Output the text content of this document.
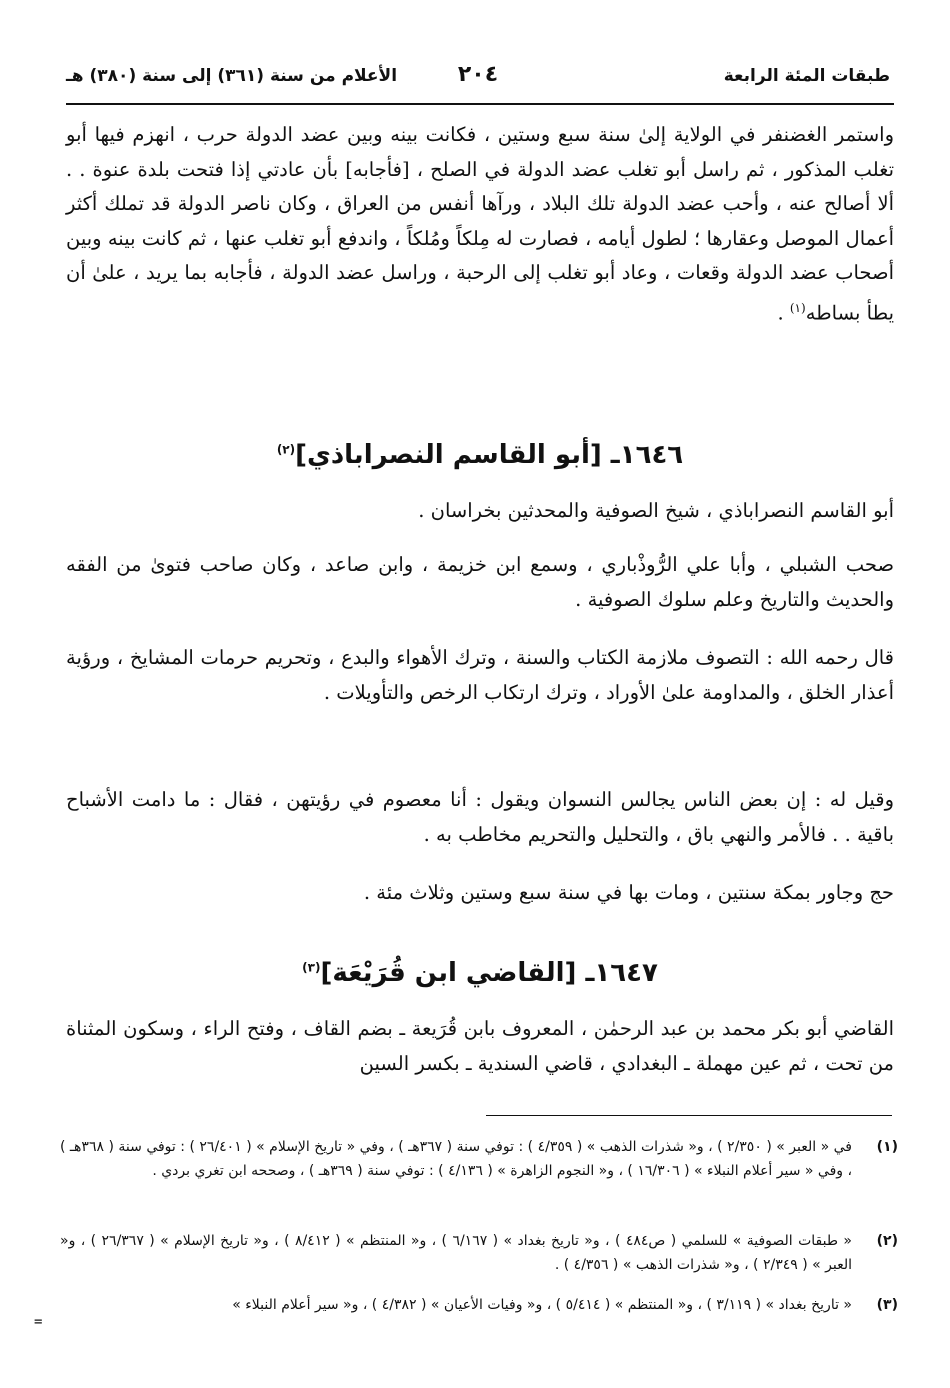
طبقات المئة الرابعة
٢٠٤
الأعلام من سنة (٣٦١) إلى سنة (٣٨٠) هـ

واستمر الغضنفر في الولاية إلىٰ سنة سبع وستين ، فكانت بينه وبين عضد الدولة حرب ، انهزم فيها أبو تغلب المذكور ، ثم راسل أبو تغلب عضد الدولة في الصلح ، [فأجابه] بأن عادتي إذا فتحت بلدة عنوة . . ألا أصالح عنه ، وأحب عضد الدولة تلك البلاد ، ورآها أنفس من العراق ، وكان ناصر الدولة قد تملك أكثر أعمال الموصل وعقارها ؛ لطول أيامه ، فصارت له مِلكاً ومُلكاً ، واندفع أبو تغلب عنها ، ثم كانت بينه وبين أصحاب عضد الدولة وقعات ، وعاد أبو تغلب إلى الرحبة ، وراسل عضد الدولة ، فأجابه بما يريد ، علىٰ أن يطأ بساطه$^{(١)}$ .

١٦٤٦ـ [أبو القاسم النصراباذي]$^{(٢)}$

أبو القاسم النصراباذي ، شيخ الصوفية والمحدثين بخراسان .

صحب الشبلي ، وأبا علي الرُّوذْباري ، وسمع ابن خزيمة ، وابن صاعد ، وكان صاحب فتوىٰ من الفقه والحديث والتاريخ وعلم سلوك الصوفية .

قال رحمه الله : التصوف ملازمة الكتاب والسنة ، وترك الأهواء والبدع ، وتحريم حرمات المشايخ ، ورؤية أعذار الخلق ، والمداومة علىٰ الأوراد ، وترك ارتكاب الرخص والتأويلات .

وقيل له : إن بعض الناس يجالس النسوان ويقول : أنا معصوم في رؤيتهن ، فقال : ما دامت الأشباح باقية . . فالأمر والنهي باق ، والتحليل والتحريم مخاطب به .

حج وجاور بمكة سنتين ، ومات بها في سنة سبع وستين وثلاث مئة .

١٦٤٧ـ [القاضي ابن قُرَيْعَة]$^{(٣)}$

القاضي أبو بكر محمد بن عبد الرحمٰن ، المعروف بابن قُرَيعة ـ بضم القاف ، وفتح الراء ، وسكون المثناة من تحت ، ثم عين مهملة ـ البغدادي ، قاضي السندية ـ بكسر السين

(١)
في « العبر » ( ٢/٣٥٠ ) ، و« شذرات الذهب » ( ٤/٣٥٩ ) : توفي سنة ( ٣٦٧هـ ) ، وفي « تاريخ الإسلام » ( ٢٦/٤٠١ ) : توفي سنة ( ٣٦٨هـ ) ، وفي « سير أعلام النبلاء » ( ١٦/٣٠٦ ) ، و« النجوم الزاهرة » ( ٤/١٣٦ ) : توفي سنة ( ٣٦٩هـ ) ، وصححه ابن تغري بردي .
(٢)
« طبقات الصوفية » للسلمي ( ص٤٨٤ ) ، و« تاريخ بغداد » ( ٦/١٦٧ ) ، و« المنتظم » ( ٨/٤١٢ ) ، و« تاريخ الإسلام » ( ٢٦/٣٦٧ ) ، و« العبر » ( ٢/٣٤٩ ) ، و« شذرات الذهب » ( ٤/٣٥٦ ) .
(٣)
« تاريخ بغداد » ( ٣/١١٩ ) ، و« المنتظم » ( ٥/٤١٤ ) ، و« وفيات الأعيان » ( ٤/٣٨٢ ) ، و« سير أعلام النبلاء »
=
